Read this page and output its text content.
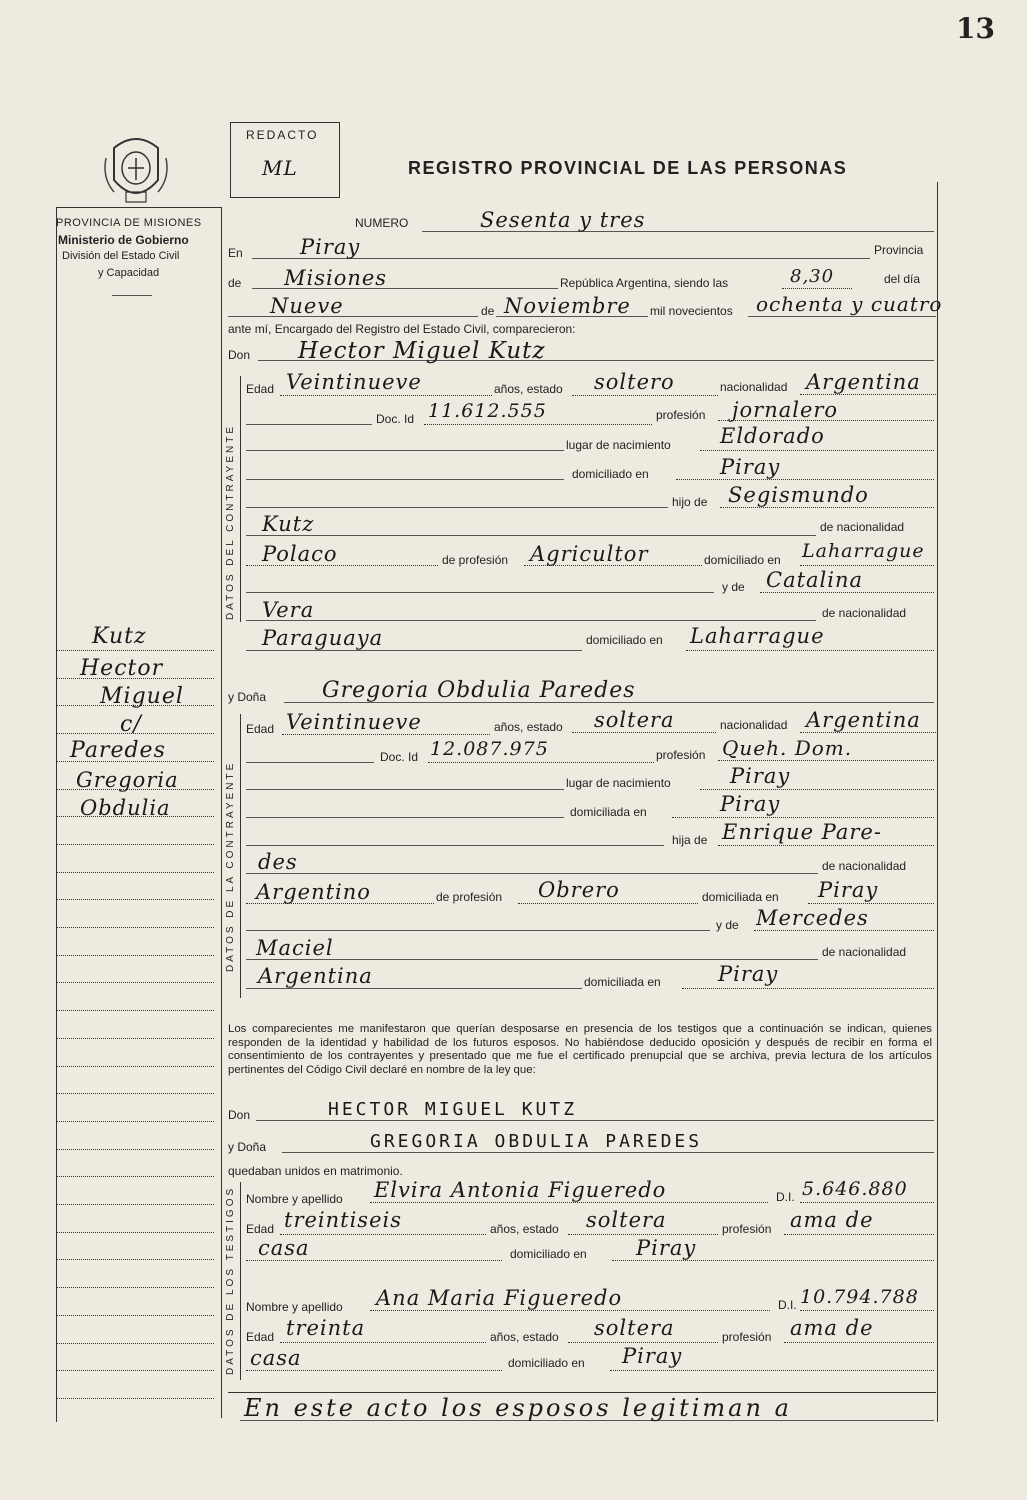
13
PROVINCIA DE MISIONES
Ministerio de Gobierno
División del Estado Civil
y Capacidad
REDACTO
ML	REGISTRO PROVINCIAL DE LAS PERSONAS
NUMERO	Sesenta y tres
En	Piray	Provincia
de Misiones	República Argentina, siendo las	8,30	del día
Nueve	de Noviembre mil novecientos ochenta y cuatro
ante mí, Encargado del Registro del Estado Civil, comparecieron:
Don Hector Miguel Kutz
DATOS DEL CONTRAYENTE
Edad Veintinueve	años, estado soltero	nacionalidad Argentina
Doc. Id 11.612.555	profesión jornalero
lugar de nacimiento Eldorado
domiciliado en	Piray
hijo de Segismundo
Kutz	de nacionalidad
Polaco	de profesión Agricultor	domiciliado en Laharrague
y de Catalina
Vera	de nacionalidad
Paraguaya	domiciliado en Laharrague
y Doña	Gregoria Obdulia Paredes
DATOS DE LA CONTRAYENTE
Edad Veintinueve	años, estado soltera	nacionalidad Argentina
Doc. Id 12.087.975	profesión Queh. Dom.
lugar de nacimiento	Piray
domiciliada en	Piray
hija de Enrique Pare-
des	de nacionalidad
Argentino	de profesión Obrero	domiciliada en Piray
y de Mercedes
Maciel	de nacionalidad
Argentina	domiciliada en	Piray
Los comparecientes me manifestaron que querían desposarse en presencia de los testigos que a continuación se indican, quienes responden de la identidad y habilidad de los futuros esposos. No habiéndose deducido oposición y después de recibir en forma el consentimiento de los contrayentes y presentado que me fue el certificado prenupcial que se archiva, previa lectura de los artículos pertinentes del Código Civil declaré en nombre de la ley que:
Don	HECTOR MIGUEL KUTZ
y Doña	GREGORIA OBDULIA PAREDES
quedaban unidos en matrimonio.
DATOS DE LOS TESTIGOS Nombre y apellido Elvira Antonia Figueredo	D.I. 5.646.880
Edad treintiseis	años, estado soltera	profesión ama de
casa	domiciliado en Piray
Nombre y apellido Ana Maria Figueredo	D.I. 10.794.788
Edad treinta	años, estado soltera	profesión ama de
casa	domiciliado en Piray
En este acto los esposos legitiman a
Kutz
Hector
Miguel
c/
Paredes
Gregoria
Obdulia
